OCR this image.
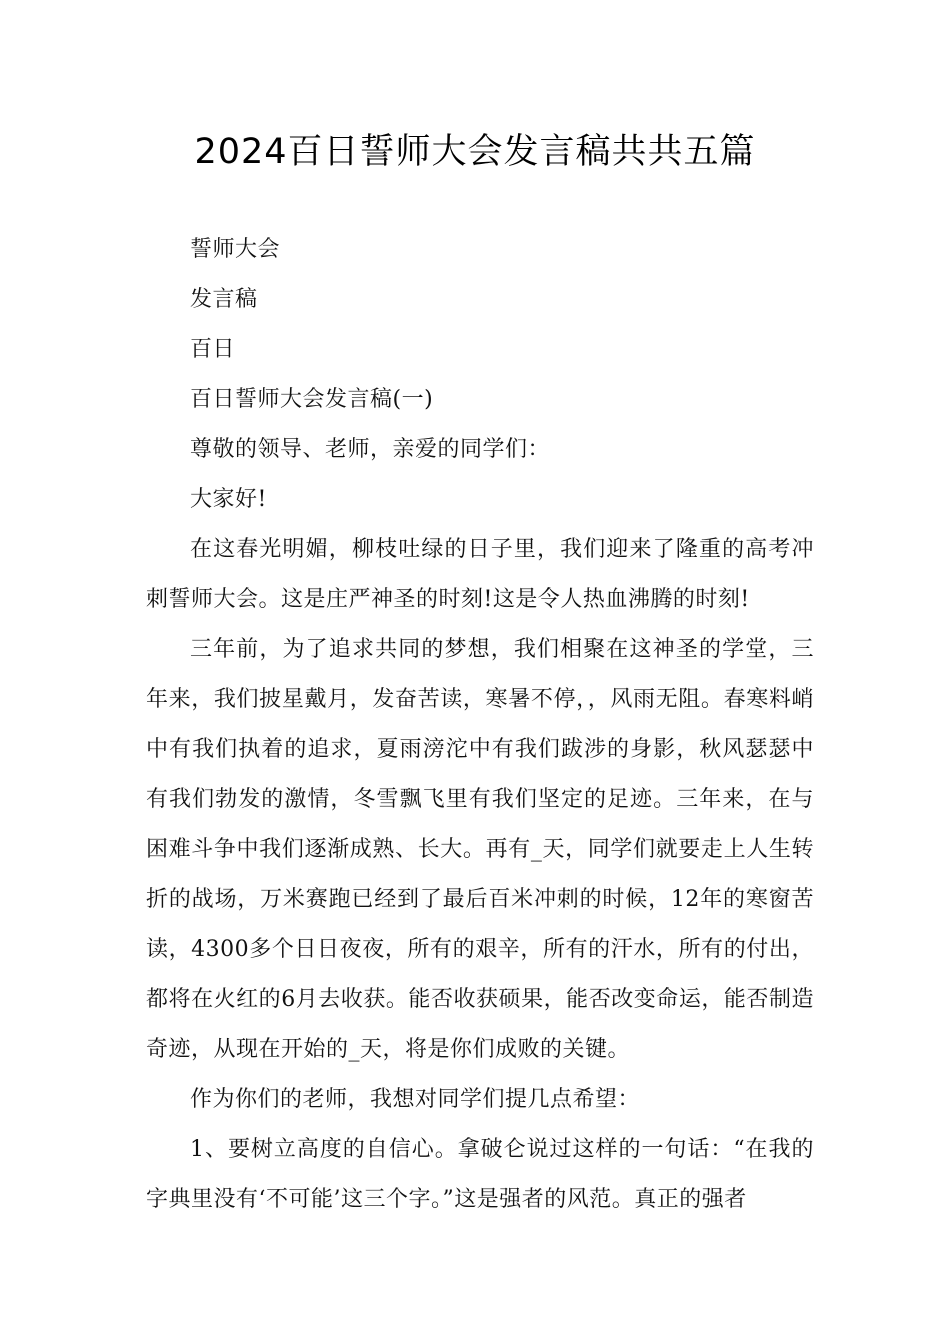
2024百日誓师大会发言稿共共五篇

誓师大会

发言稿

百日

百日誓师大会发言稿(一)

尊敬的领导、老师，亲爱的同学们：

大家好!

在这春光明媚，柳枝吐绿的日子里，我们迎来了隆重的高考冲刺誓师大会。这是庄严神圣的时刻!这是令人热血沸腾的时刻!

三年前，为了追求共同的梦想，我们相聚在这神圣的学堂，三年来，我们披星戴月，发奋苦读，寒暑不停，，风雨无阻。春寒料峭中有我们执着的追求，夏雨滂沱中有我们跋涉的身影，秋风瑟瑟中有我们勃发的激情，冬雪飘飞里有我们坚定的足迹。三年来，在与困难斗争中我们逐渐成熟、长大。再有_天，同学们就要走上人生转折的战场，万米赛跑已经到了最后百米冲刺的时候，12年的寒窗苦读，4300多个日日夜夜，所有的艰辛，所有的汗水，所有的付出，都将在火红的6月去收获。能否收获硕果，能否改变命运，能否制造奇迹，从现在开始的_天，将是你们成败的关键。

作为你们的老师，我想对同学们提几点希望：

1、要树立高度的自信心。拿破仑说过这样的一句话：“在我的字典里没有‘不可能’这三个字。”这是强者的风范。真正的强者
